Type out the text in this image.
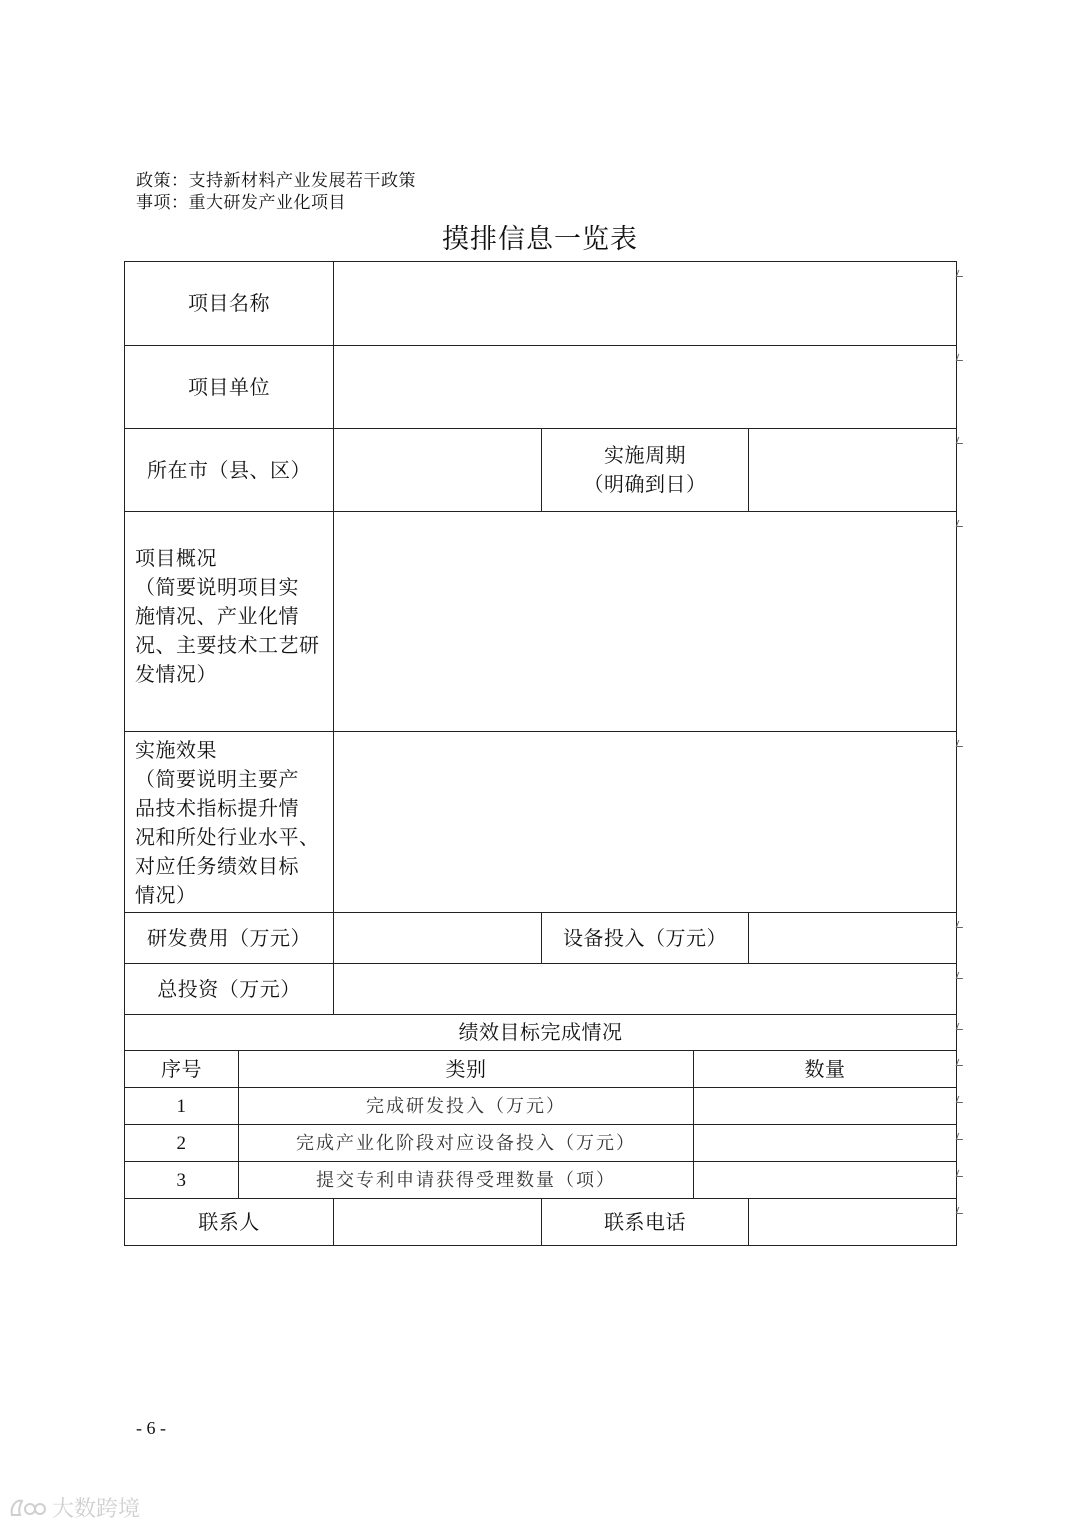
政策：支持新材料产业发展若干政策
事项：重大研发产业化项目
摸排信息一览表
项目名称
项目单位
所在市（县、区）
实施周期
（明确到日）
项目概况
（简要说明项目实
施情况、产业化情
况、主要技术工艺研
发情况）
实施效果
（简要说明主要产
品技术指标提升情
况和所处行业水平、
对应任务绩效目标
情况）
研发费用（万元）	设备投入（万元）
总投资（万元）
绩效目标完成情况
序号	类别	数量
1	完成研发投入（万元）
2	完成产业化阶段对应设备投入（万元）
3	提交专利申请获得受理数量（项）
联系人	联系电话
- 6 -
大数跨境
